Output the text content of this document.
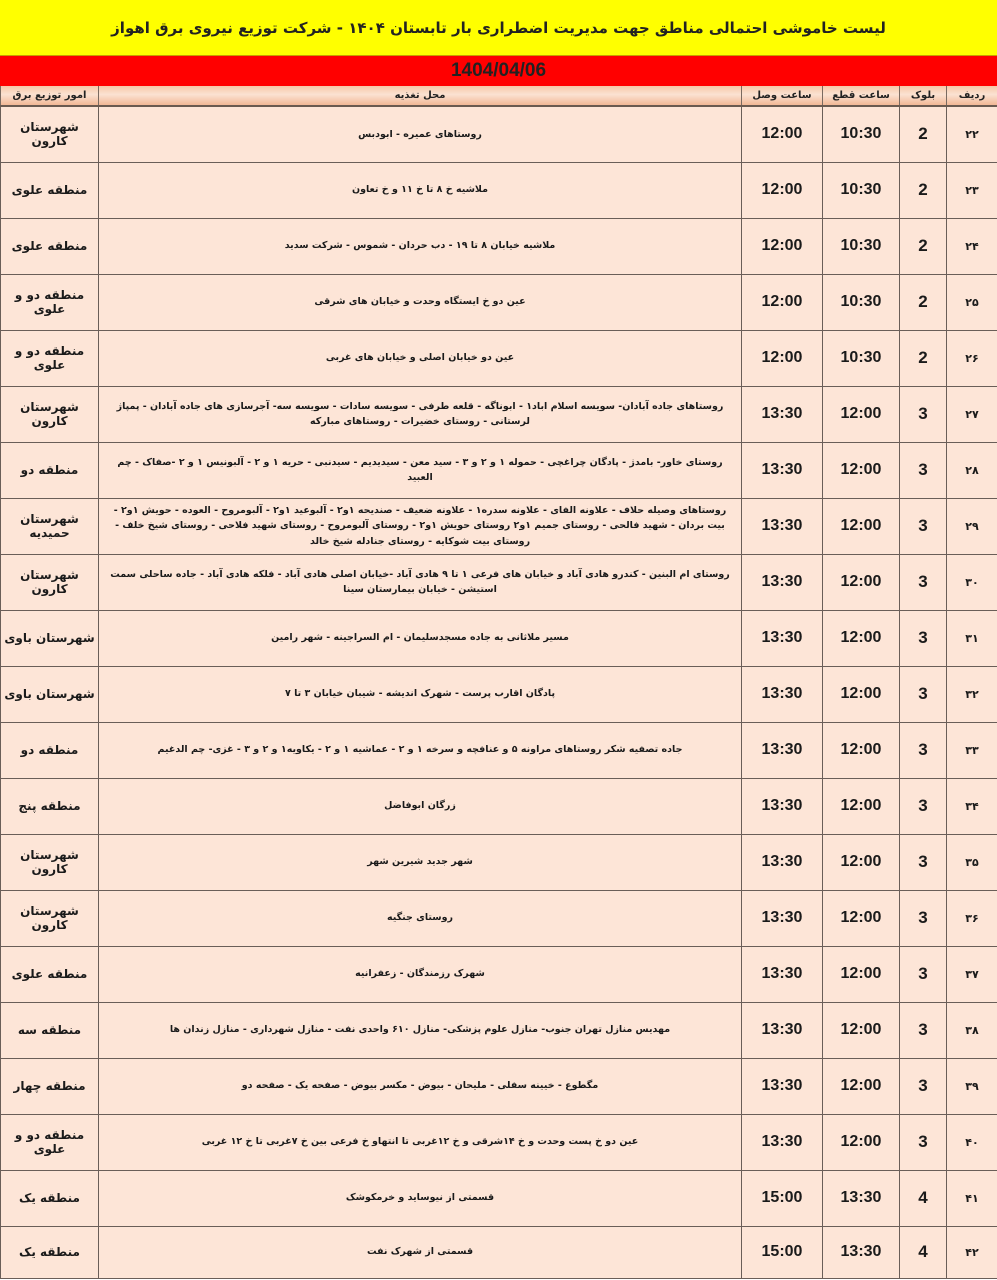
لیست خاموشی احتمالی مناطق جهت مدیریت اضطراری بار تابستان ۱۴۰۴ - شرکت توزیع نیروی برق اهواز
1404/04/06
ردیف	بلوک	ساعت قطع	ساعت وصل	محل تغذیه	امور توزیع برق
۲۲	2	10:30	12:00	روستاهای عمیره - ابودبس	شهرستان کارون
۲۳	2	10:30	12:00	ملاشیه خ ۸ تا خ ۱۱ و خ تعاون	منطقه علوی
۲۴	2	10:30	12:00	ملاشیه خیابان ۸ تا ۱۹ - دب حردان - شموس - شرکت سدید	منطقه علوی
۲۵	2	10:30	12:00	عین دو خ ایستگاه وحدت و خیابان های شرقی	منطقه دو و علوی
۲۶	2	10:30	12:00	عین دو خیابان اصلی و خیابان های غربی	منطقه دو و علوی
۲۷	3	12:00	13:30	روستاهای جاده آبادان- سویسه اسلام اباد۱ - ابوناگه - قلعه طرفی - سویسه سادات - سویسه سه- آجرسازی های جاده آبادان - پمپاژ لرستانی - روستای خضیرات - روستاهای مبارکه	شهرستان کارون
۲۸	3	12:00	13:30	روستای خاور- بامدژ - پادگان چراغچی - حموله ۱ و ۲ و ۳ - سید معن - سیدیدیم - سیدنبی - حریه ۱ و ۲ - آلبونیس ۱ و ۲ -صفاک - چم العبید	منطقه دو
۲۹	3	12:00	13:30	روستاهای وصیله حلاف - علاونه الفای - علاونه سدره۱ - علاونه ضعیف - صندیحه ۱و۲ - آلبوعید ۱و۲ - آلبومروح - العوده - حویش ۱و۲ - بیت بردان - شهید فالحی - روستای جمیم ۱و۲ روستای حویش ۱و۲ - روستای آلبومروح - روستای شهید فلاحی - روستای شیخ خلف - روستای بیت شوکایه - روستای جنادله شیخ خالد	شهرستان حمیدیه
۳۰	3	12:00	13:30	روستای ام البنین - کندرو هادی آباد و خیابان های فرعی ۱ تا ۹ هادی آباد -خیابان اصلی هادی آباد - فلکه هادی آباد - جاده ساحلی سمت استیشن - خیابان بیمارستان سینا	شهرستان کارون
۳۱	3	12:00	13:30	مسیر ملاثانی به جاده مسجدسلیمان - ام السراجینه - شهر رامین	شهرستان باوی
۳۲	3	12:00	13:30	پادگان اقارب پرست - شهرک اندیشه - شیبان خیابان ۳ تا ۷	شهرستان باوی
۳۳	3	12:00	13:30	جاده تصفیه شکر روستاهای مراونه ۵ و عنافچه و سرخه ۱ و ۲ - عماشیه ۱ و ۲ - یکاویه۱ و ۲ و ۳ - غزی- چم الدغیم	منطقه دو
۳۴	3	12:00	13:30	زرگان ابوفاضل	منطقه پنج
۳۵	3	12:00	13:30	شهر جدید شیرین شهر	شهرستان کارون
۳۶	3	12:00	13:30	روستای جنگیه	شهرستان کارون
۳۷	3	12:00	13:30	شهرک رزمندگان - زعفرانیه	منطقه علوی
۳۸	3	12:00	13:30	مهدیس منازل تهران جنوب- منازل علوم پزشکی- منازل ۶۱۰ واحدی نفت - منازل شهرداری - منازل زندان ها	منطقه سه
۳۹	3	12:00	13:30	مگطوع - خیینه سفلی - ملیحان - بیوض - مکسر بیوض - صفحه یک - صفحه دو	منطقه چهار
۴۰	3	12:00	13:30	عین دو خ پست وحدت و خ ۱۴شرقی و خ ۱۲غربی تا انتهاو خ فرعی بین خ ۷غربی تا خ ۱۲ غربی	منطقه دو و علوی
۴۱	4	13:30	15:00	قسمتی از نیوساید و خرمکوشک	منطقه یک
۴۲	4	13:30	15:00	قسمتی از شهرک نفت	منطقه یک
